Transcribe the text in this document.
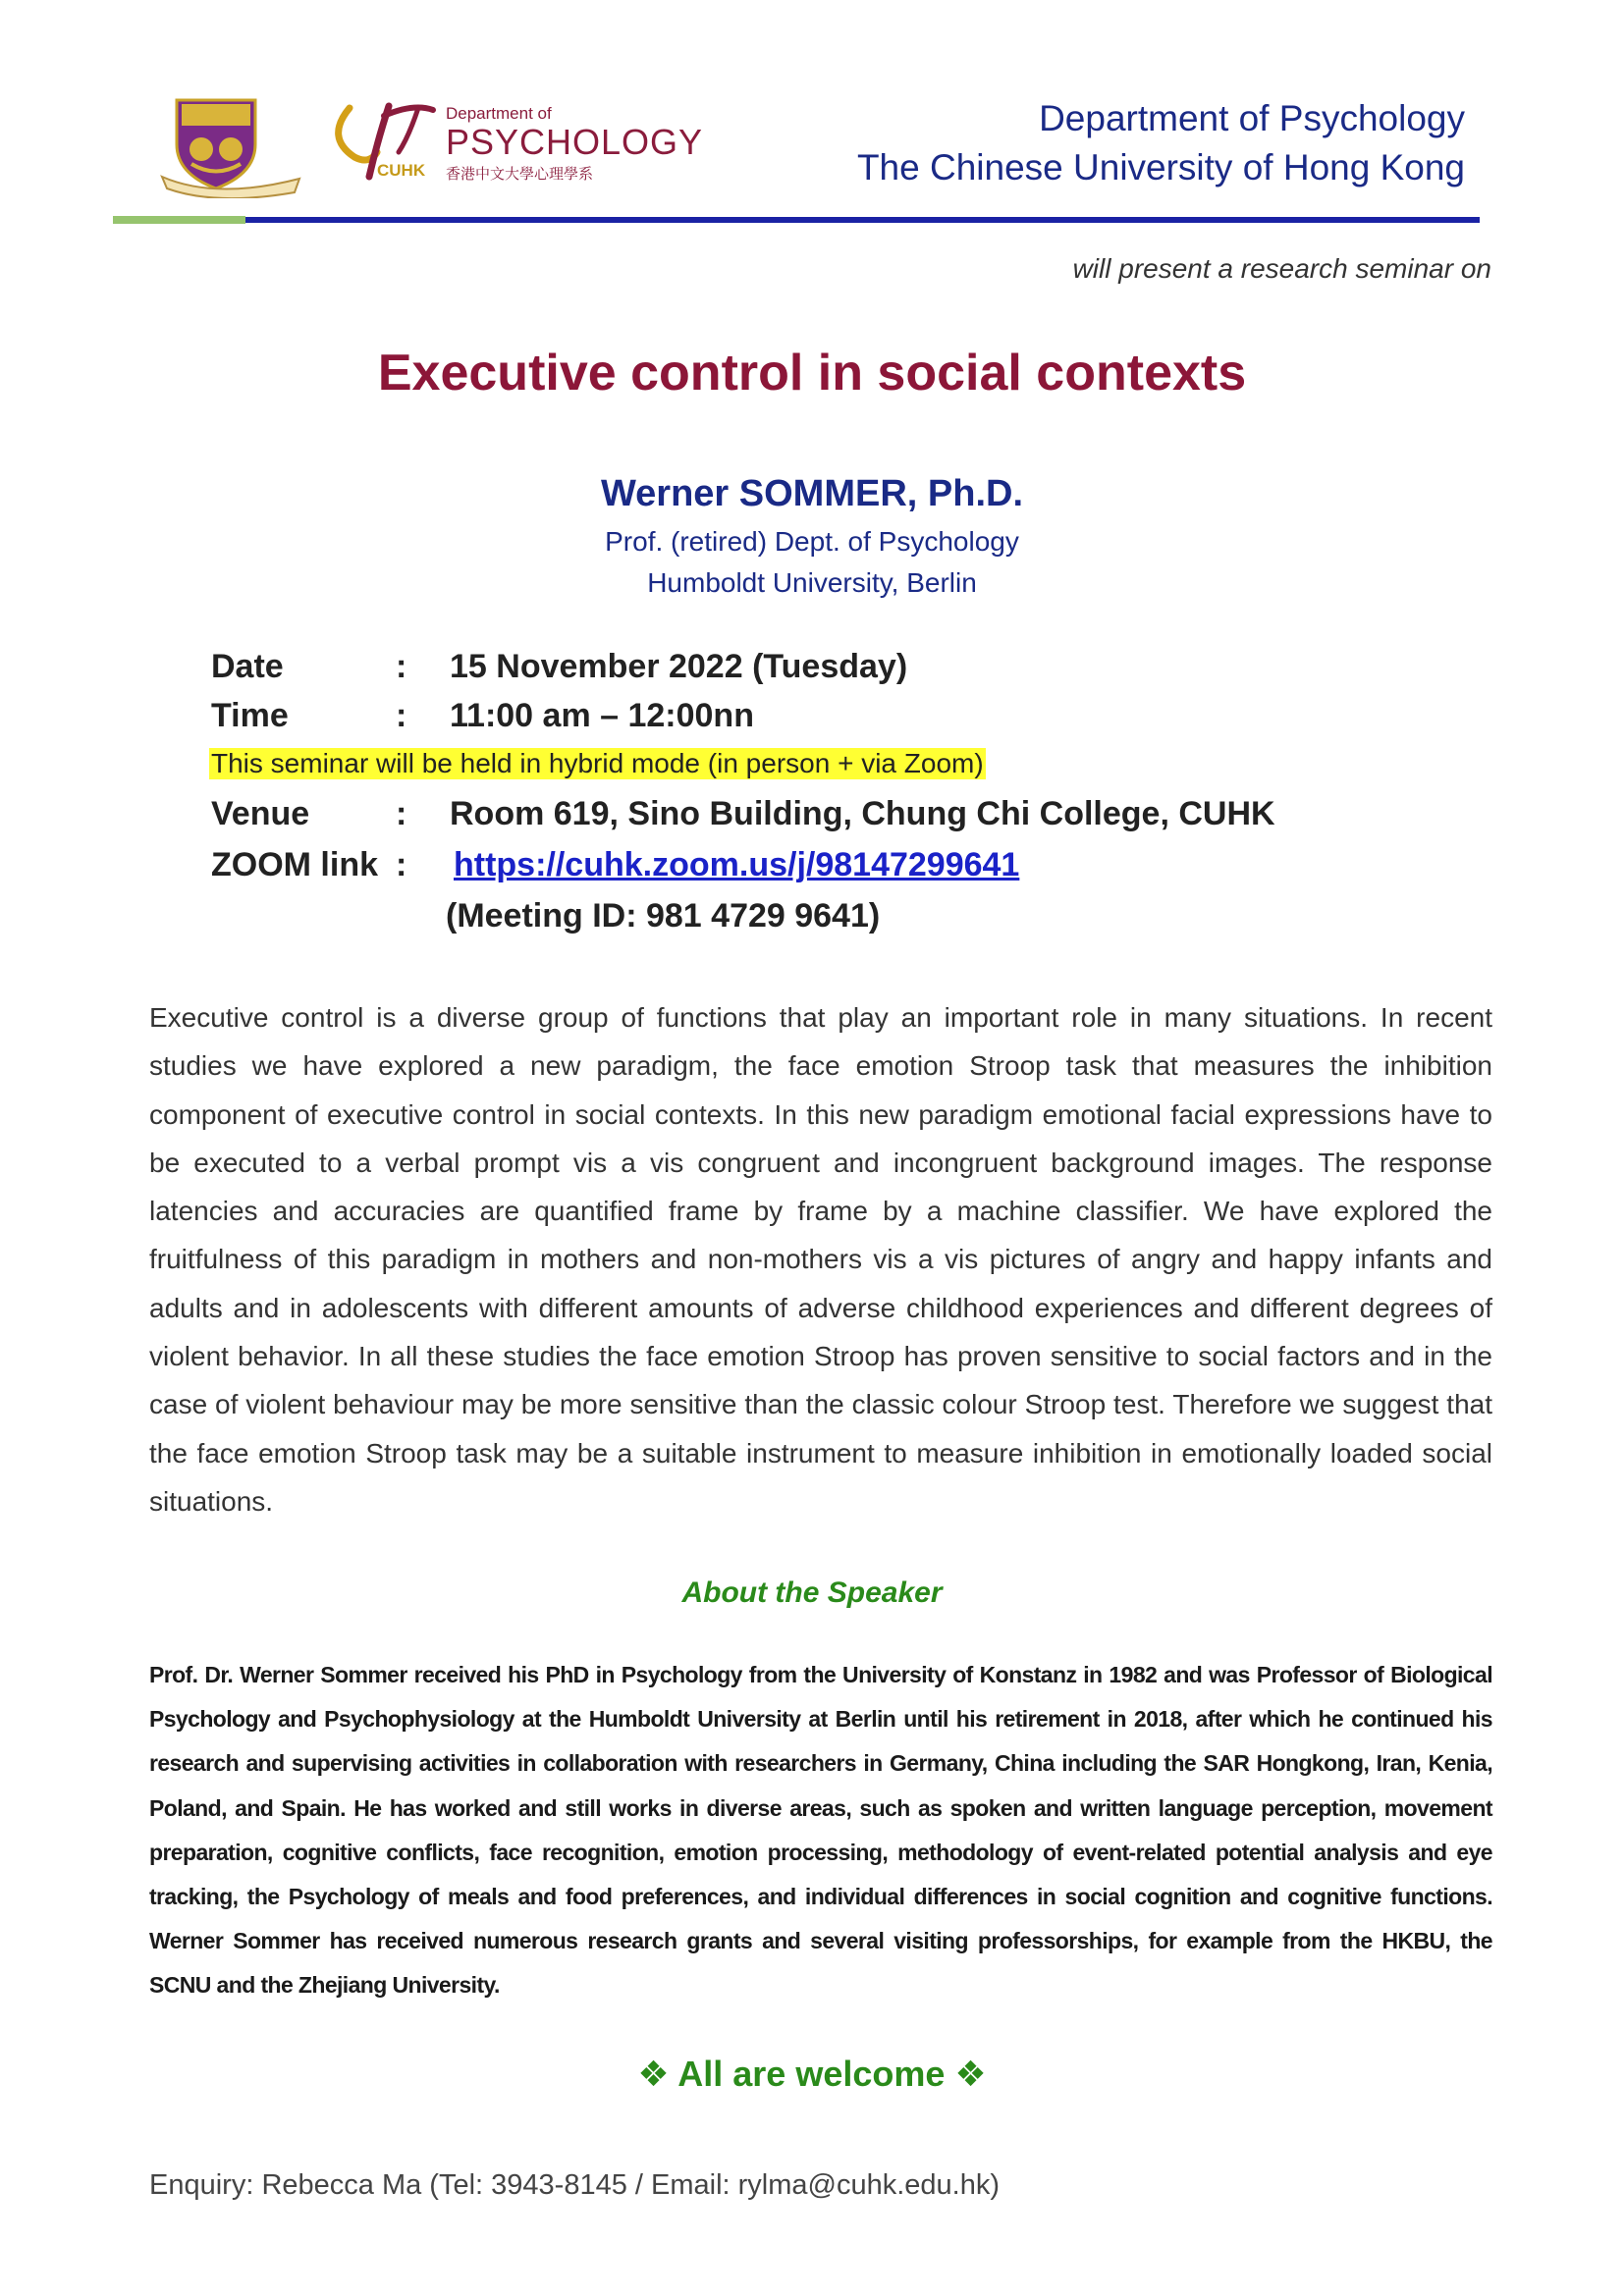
Department of
PSYCHOLOGY
CUHK 香港中文大學心理學系
Department of Psychology
The Chinese University of Hong Kong
will present a research seminar on
Executive control in social contexts
Werner SOMMER, Ph.D.
Prof. (retired) Dept. of Psychology
Humboldt University, Berlin
Date	: 15 November 2022 (Tuesday)
Time	: 11:00 am – 12:00nn
This seminar will be held in hybrid mode (in person + via Zoom)
Venue	: Room 619, Sino Building, Chung Chi College, CUHK
ZOOM link : https://cuhk.zoom.us/j/98147299641
(Meeting ID: 981 4729 9641)
Executive control is a diverse group of functions that play an important role in many situations. In recent studies we have explored a new paradigm, the face emotion Stroop task that measures the inhibition component of executive control in social contexts. In this new paradigm emotional facial expressions have to be executed to a verbal prompt vis a vis congruent and incongruent background images. The response latencies and accuracies are quantified frame by frame by a machine classifier. We have explored the fruitfulness of this paradigm in mothers and non-mothers vis a vis pictures of angry and happy infants and adults and in adolescents with different amounts of adverse childhood experiences and different degrees of violent behavior. In all these studies the face emotion Stroop has proven sensitive to social factors and in the case of violent behaviour may be more sensitive than the classic colour Stroop test. Therefore we suggest that the face emotion Stroop task may be a suitable instrument to measure inhibition in emotionally loaded social situations.
About the Speaker
Prof. Dr. Werner Sommer received his PhD in Psychology from the University of Konstanz in 1982 and was Professor of Biological Psychology and Psychophysiology at the Humboldt University at Berlin until his retirement in 2018, after which he continued his research and supervising activities in collaboration with researchers in Germany, China including the SAR Hongkong, Iran, Kenia, Poland, and Spain. He has worked and still works in diverse areas, such as spoken and written language perception, movement preparation, cognitive conflicts, face recognition, emotion processing, methodology of event-related potential analysis and eye tracking, the Psychology of meals and food preferences, and individual differences in social cognition and cognitive functions. Werner Sommer has received numerous research grants and several visiting professorships, for example from the HKBU, the SCNU and the Zhejiang University.
❖ All are welcome ❖
Enquiry: Rebecca Ma (Tel: 3943-8145 / Email: rylma@cuhk.edu.hk)
